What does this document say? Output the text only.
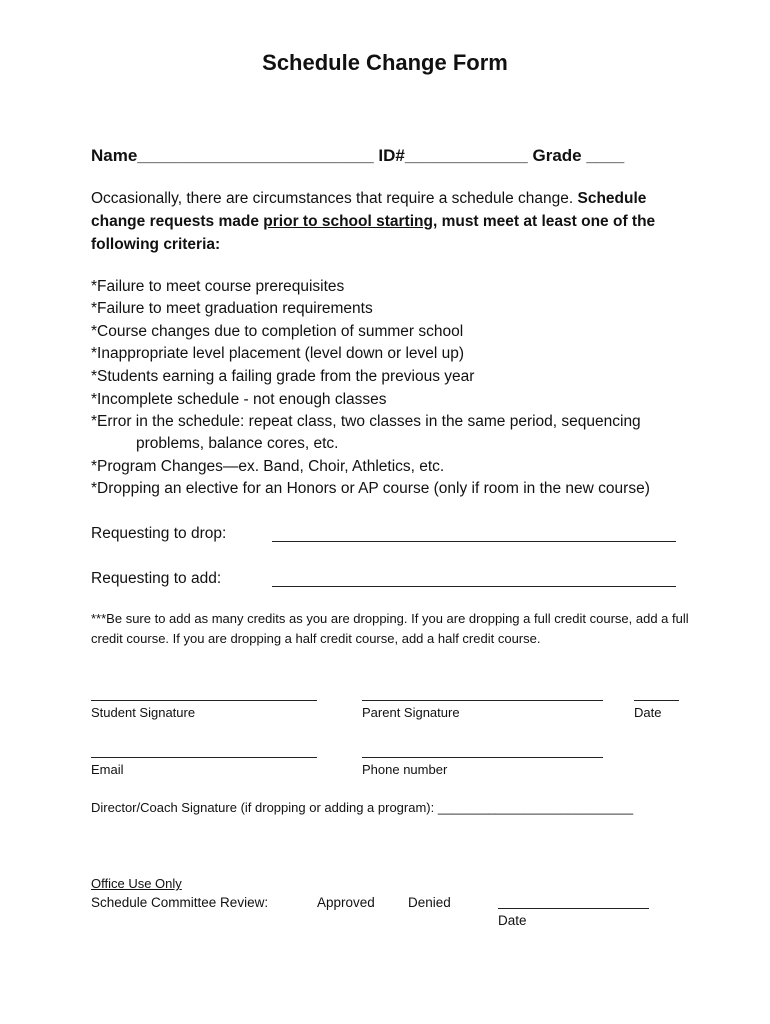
Schedule Change Form
Name_________________________ ID#_____________ Grade ____
Occasionally, there are circumstances that require a schedule change. Schedule change requests made prior to school starting, must meet at least one of the following criteria:
*Failure to meet course prerequisites
*Failure to meet graduation requirements
*Course changes due to completion of summer school
*Inappropriate level placement (level down or level up)
*Students earning a failing grade from the previous year
*Incomplete schedule - not enough classes
*Error in the schedule: repeat class, two classes in the same period, sequencing
problems, balance cores, etc.
*Program Changes—ex. Band, Choir, Athletics, etc.
*Dropping an elective for an Honors or AP course (only if room in the new course)
Requesting to drop:
Requesting to add:
***Be sure to add as many credits as you are dropping. If you are dropping a full credit course, add a full credit course. If you are dropping a half credit course, add a half credit course.
Student Signature	Parent Signature	Date
Email	Phone number
Director/Coach Signature (if dropping or adding a program): ___________________________
Office Use Only
Schedule Committee Review:	Approved Denied
Date
